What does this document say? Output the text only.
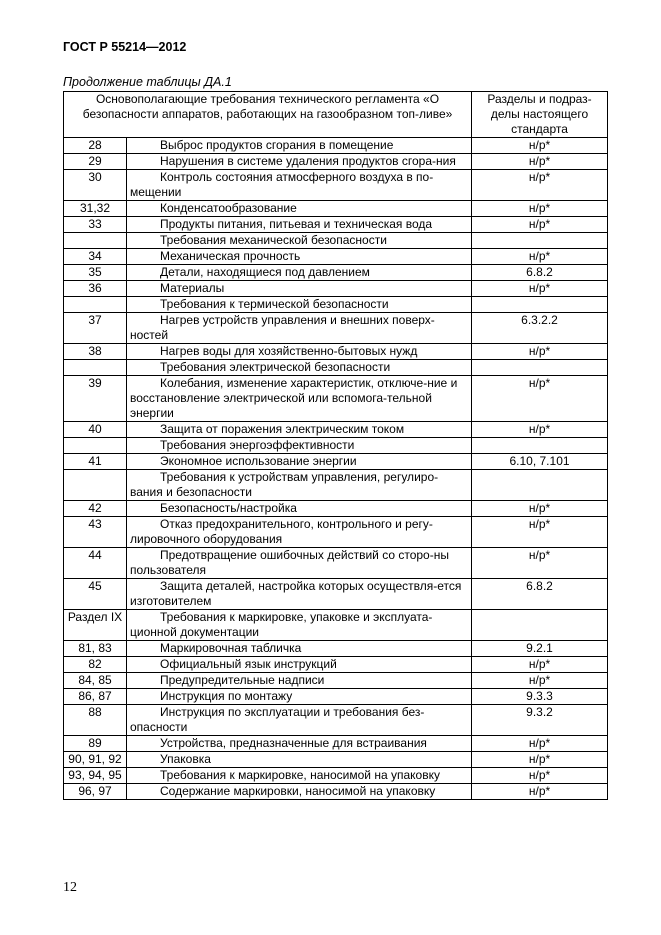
ГОСТ Р 55214—2012
Продолжение таблицы ДА.1
Основополагающие требования технического регламента «О безопасности аппаратов, работающих на газообразном топ-ливе»		Разделы и подраз-делы настоящего стандарта
28	Выброс продуктов сгорания в помещение	н/р*
29	Нарушения в системе удаления продуктов сгора-ния	н/р*
30	Контроль состояния атмосферного воздуха в по-мещении	н/р*
31,32	Конденсатообразование	н/р*
33	Продукты питания, питьевая и техническая вода	н/р*
	Требования механической безопасности	
34	Механическая прочность	н/р*
35	Детали, находящиеся под давлением	6.8.2
36	Материалы	н/р*
	Требования к термической безопасности	
37	Нагрев устройств управления и внешних поверх-ностей	6.3.2.2
38	Нагрев воды для хозяйственно-бытовых нужд	н/р*
	Требования электрической безопасности	
39	Колебания, изменение характеристик, отключе-ние и восстановление электрической или вспомога-тельной энергии	н/р*
40	Защита от поражения электрическим током	н/р*
	Требования энергоэффективности	
41	Экономное использование энергии	6.10, 7.101
	Требования к устройствам управления, регулиро-вания и безопасности	
42	Безопасность/настройка	н/р*
43	Отказ предохранительного, контрольного и регу-лировочного оборудования	н/р*
44	Предотвращение ошибочных действий со сторо-ны пользователя	н/р*
45	Защита деталей, настройка которых осуществля-ется изготовителем	6.8.2
Раздел IX	Требования к маркировке, упаковке и эксплуата-ционной документации	
81, 83	Маркировочная табличка	9.2.1
82	Официальный язык инструкций	н/р*
84, 85	Предупредительные надписи	н/р*
86, 87	Инструкция по монтажу	9.3.3
88	Инструкция по эксплуатации и требования без-опасности	9.3.2
89	Устройства, предназначенные для встраивания	н/р*
90, 91, 92	Упаковка	н/р*
93, 94, 95	Требования к маркировке, наносимой на упаковку	н/р*
96, 97	Содержание маркировки, наносимой на упаковку	н/р*
12
